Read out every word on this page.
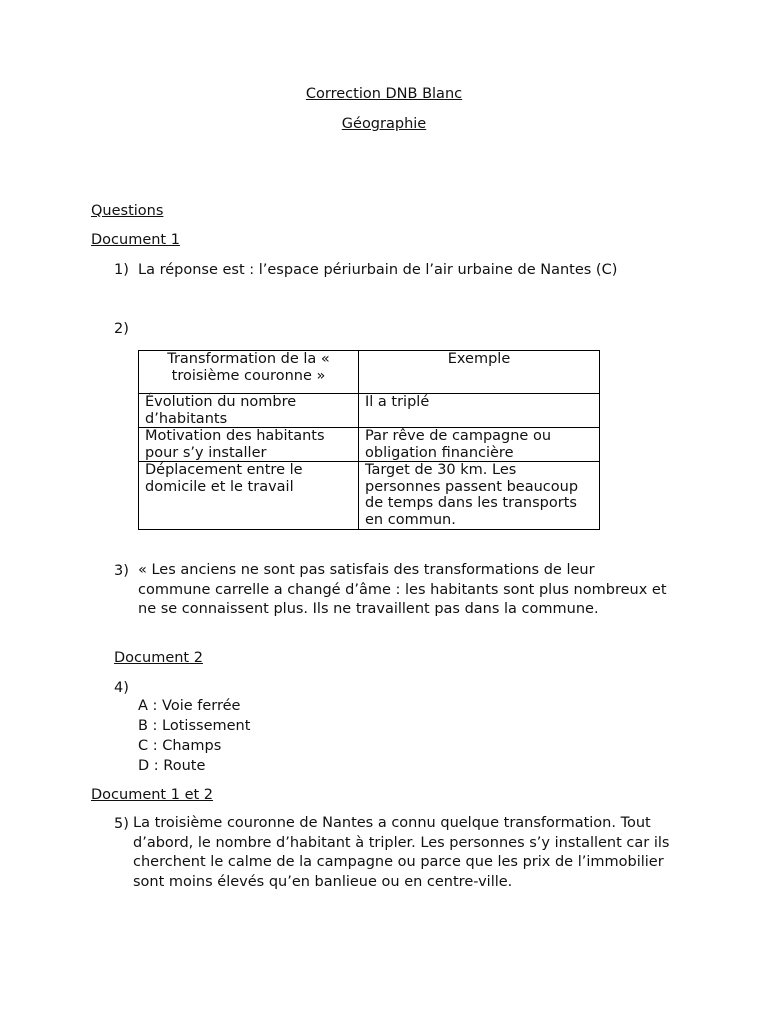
Correction DNB Blanc
Géographie
Questions
Document 1
1) La réponse est : l’espace périurbain de l’air urbaine de Nantes (C)
2)
Transformation de la « troisième couronne »	Exemple
Évolution du nombre d’habitants	Il a triplé
Motivation des habitants pour s’y installer	Par rêve de campagne ou obligation financière
Déplacement entre le domicile et le travail	Target de 30 km. Les personnes passent beaucoup de temps dans les transports en commun.
3) « Les anciens ne sont pas satisfais des transformations de leur commune carrelle a changé d’âme : les habitants sont plus nombreux et ne se connaissent plus. Ils ne travaillent pas dans la commune.
Document 2
4)
A : Voie ferrée
B : Lotissement
C : Champs
D : Route
Document 1 et 2
5) La troisième couronne de Nantes a connu quelque transformation. Tout d’abord, le nombre d’habitant à tripler. Les personnes s’y installent car ils cherchent le calme de la campagne ou parce que les prix de l’immobilier sont moins élevés qu’en banlieue ou en centre-ville.
